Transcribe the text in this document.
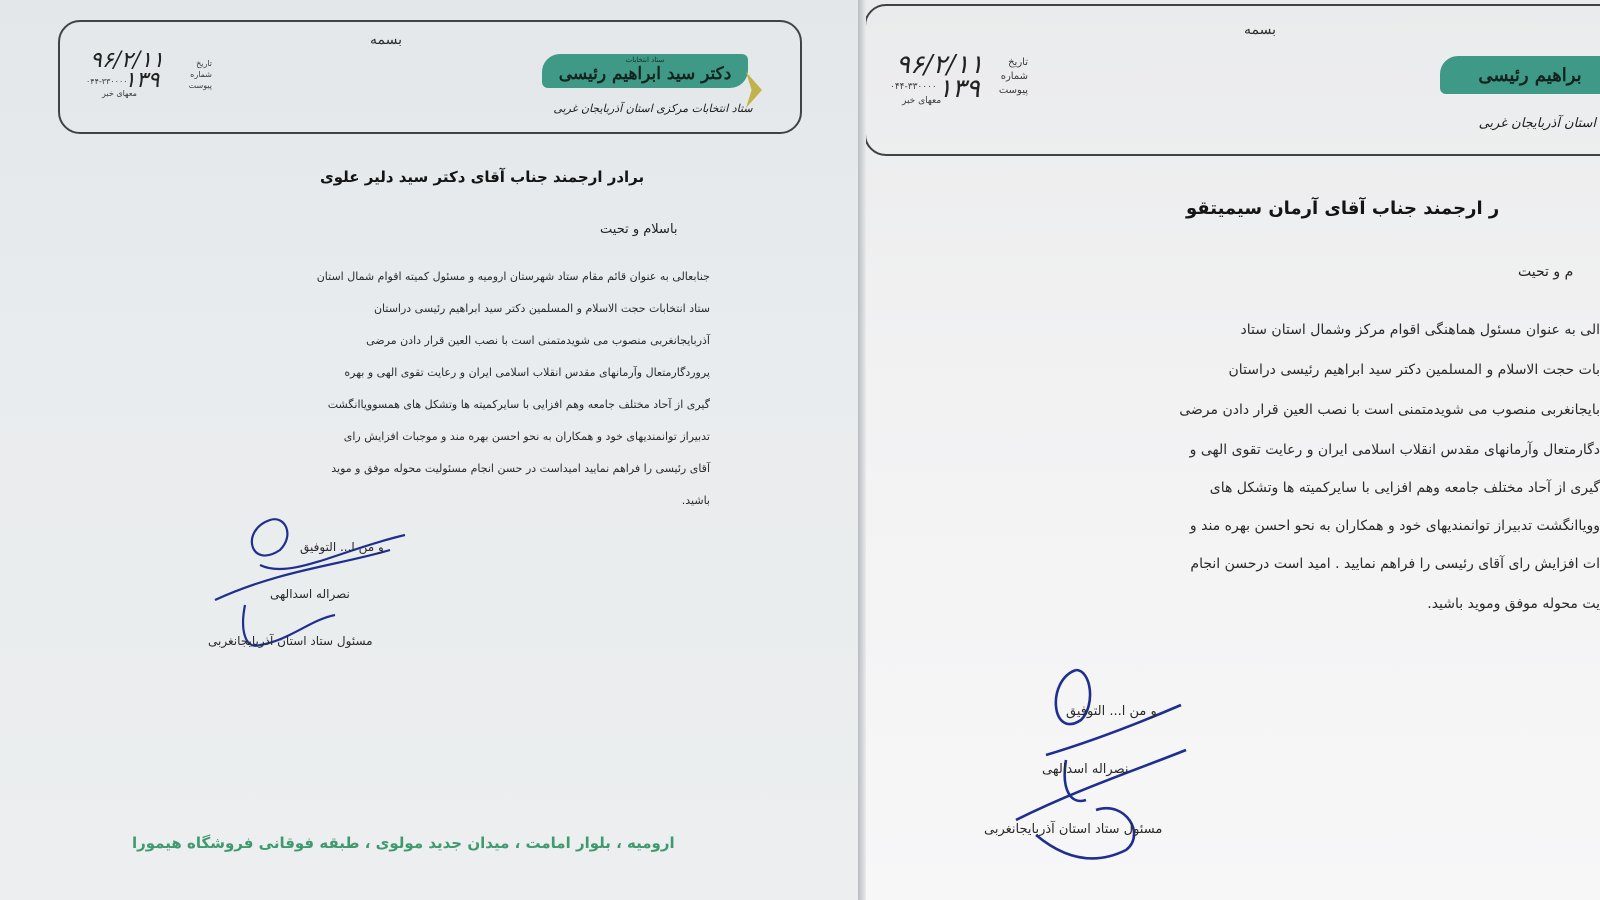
بسمه
ستاد انتخابات
دکتر سید ابراهیم رئیسی
ستاد انتخابات مرکزی استان آذربایجان غربی
تاریخ
شماره
پیوست
۹۶/۲/۱۱
۱۳۹
۰۴۴-۳۳۰۰۰۰
معهای خبر
برادر ارجمند جناب آقای دکتر سید دلیر علوی
باسلام و تحیت
جنابعالی به عنوان قائم مقام ستاد شهرستان ارومیه و مسئول کمیته اقوام شمال استان
ستاد انتخابات حجت الاسلام و المسلمین دکتر سید ابراهیم رئیسی دراستان
آذربایجانغربی منصوب می شویدمتمنی است با نصب العین قرار دادن مرضی
پروردگارمتعال وآرمانهای مقدس انقلاب اسلامی ایران و رعایت تقوی الهی و بهره
گیری از آحاد مختلف جامعه وهم افزایی با سایرکمیته ها وتشکل های همسوویاانگشت
تدبیراز توانمندیهای خود و همکاران به نحو احسن بهره مند و موجبات افزایش رای
آقای رئیسی را فراهم نمایید امیداست در حسن انجام مسئولیت محوله موفق و موید
باشید.
و من ا... التوفیق
نصراله اسدالهی
مسئول ستاد استان آذربایجانغربی
ارومیه ، بلوار امامت ، میدان جدید مولوی ، طبقه فوقانی فروشگاه هیمورا
بسمه
براهیم رئیسی
استان آذربایجان غربی
تاریخ
شماره
پیوست
۹۶/۲/۱۱
۱۳۹
۰۴۴-۳۳۰۰۰۰
معهای خبر
ر ارجمند جناب آقای آرمان سیمیتقو
م و تحیت
الی به عنوان مسئول هماهنگی اقوام مرکز وشمال استان ستاد
بات حجت الاسلام و المسلمین دکتر سید ابراهیم رئیسی دراستان
بایجانغربی منصوب می شویدمتمنی است با نصب العین قرار دادن مرضی
دگارمتعال وآرمانهای مقدس انقلاب اسلامی ایران و رعایت تقوی الهی و
گیری از آحاد مختلف جامعه وهم افزایی با سایرکمیته ها وتشکل های
وویاانگشت تدبیراز توانمندیهای خود و همکاران به نحو احسن بهره مند و
ات افزایش رای آقای رئیسی را فراهم نمایید . امید است درحسن انجام
یت محوله موفق وموید باشید.
و من ا... التوفیق
نصراله اسدالهی
مسئول ستاد استان آذربایجانغربی
